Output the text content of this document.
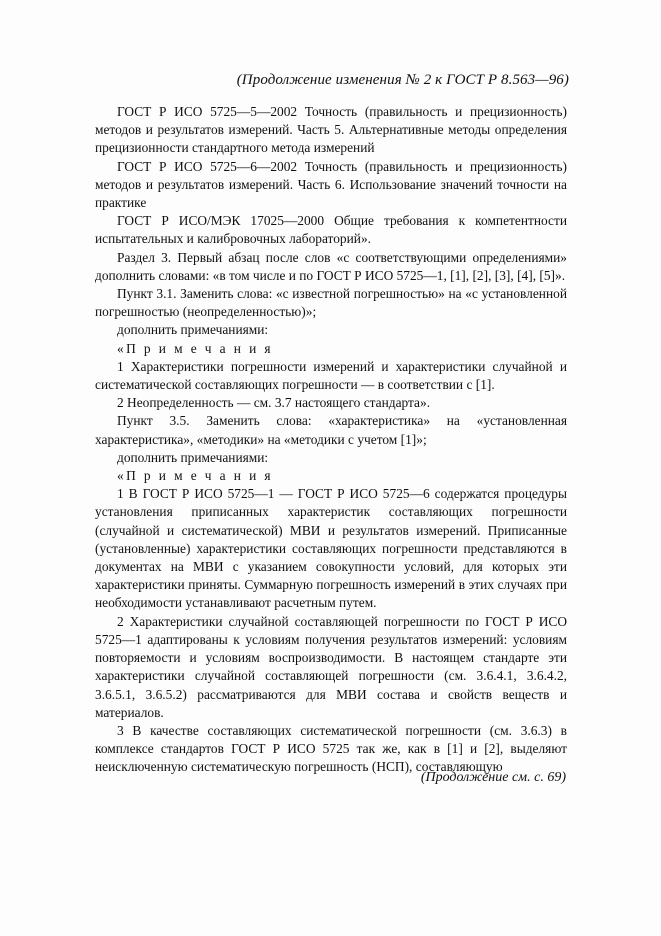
(Продолжение изменения № 2 к ГОСТ Р 8.563—96)

ГОСТ Р ИСО 5725—5—2002 Точность (правильность и прецизионность) методов и результатов измерений. Часть 5. Альтернативные методы определения прецизионности стандартного метода измерений

ГОСТ Р ИСО 5725—6—2002 Точность (правильность и прецизионность) методов и результатов измерений. Часть 6. Использование значений точности на практике

ГОСТ Р ИСО/МЭК 17025—2000 Общие требования к компетентности испытательных и калибровочных лабораторий».

Раздел 3. Первый абзац после слов «с соответствующими определениями» дополнить словами: «в том числе и по ГОСТ Р ИСО 5725—1, [1], [2], [3], [4], [5]».

Пункт 3.1. Заменить слова: «с известной погрешностью» на «с установленной погрешностью (неопределенностью)»;

дополнить примечаниями:

«П р и м е ч а н и я

1 Характеристики погрешности измерений и характеристики случайной и систематической составляющих погрешности — в соответствии с [1].

2 Неопределенность — см. 3.7 настоящего стандарта».

Пункт 3.5. Заменить слова: «характеристика» на «установленная характеристика», «методики» на «методики с учетом [1]»;

дополнить примечаниями:

«П р и м е ч а н и я

1 В ГОСТ Р ИСО 5725—1 — ГОСТ Р ИСО 5725—6 содержатся процедуры установления приписанных характеристик составляющих погрешности (случайной и систематической) МВИ и результатов измерений. Приписанные (установленные) характеристики составляющих погрешности представляются в документах на МВИ с указанием совокупности условий, для которых эти характеристики приняты. Суммарную погрешность измерений в этих случаях при необходимости устанавливают расчетным путем.

2 Характеристики случайной составляющей погрешности по ГОСТ Р ИСО 5725—1 адаптированы к условиям получения результатов измерений: условиям повторяемости и условиям воспроизводимости. В настоящем стандарте эти характеристики случайной составляющей погрешности (см. 3.6.4.1, 3.6.4.2, 3.6.5.1, 3.6.5.2) рассматриваются для МВИ состава и свойств веществ и материалов.

3 В качестве составляющих систематической погрешности (см. 3.6.3) в комплексе стандартов ГОСТ Р ИСО 5725 так же, как в [1] и [2], выделяют неисключенную систематическую погрешность (НСП), составляющую

(Продолжение см. с. 69)
